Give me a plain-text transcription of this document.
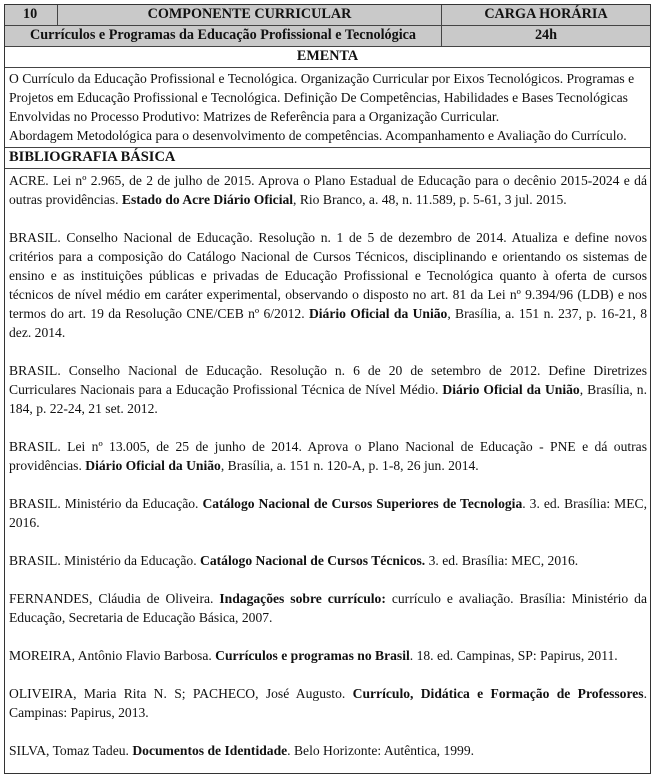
10	COMPONENTE CURRICULAR	CARGA HORÁRIA
Currículos e Programas da Educação Profissional e Tecnológica	24h
EMENTA
O Currículo da Educação Profissional e Tecnológica. Organização Curricular por Eixos Tecnológicos. Programas e Projetos em Educação Profissional e Tecnológica. Definição De Competências, Habilidades e Bases Tecnológicas Envolvidas no Processo Produtivo: Matrizes de Referência para a Organização Curricular.
Abordagem Metodológica para o desenvolvimento de competências. Acompanhamento e Avaliação do Currículo.
BIBLIOGRAFIA BÁSICA
ACRE. Lei nº 2.965, de 2 de julho de 2015. Aprova o Plano Estadual de Educação para o decênio 2015-2024 e dá outras providências. Estado do Acre Diário Oficial, Rio Branco, a. 48, n. 11.589, p. 5-61, 3 jul. 2015.
BRASIL. Conselho Nacional de Educação. Resolução n. 1 de 5 de dezembro de 2014. Atualiza e define novos critérios para a composição do Catálogo Nacional de Cursos Técnicos, disciplinando e orientando os sistemas de ensino e as instituições públicas e privadas de Educação Profissional e Tecnológica quanto à oferta de cursos técnicos de nível médio em caráter experimental, observando o disposto no art. 81 da Lei nº 9.394/96 (LDB) e nos termos do art. 19 da Resolução CNE/CEB nº 6/2012. Diário Oficial da União, Brasília, a. 151 n. 237, p. 16-21, 8 dez. 2014.
BRASIL. Conselho Nacional de Educação. Resolução n. 6 de 20 de setembro de 2012. Define Diretrizes Curriculares Nacionais para a Educação Profissional Técnica de Nível Médio. Diário Oficial da União, Brasília, n. 184, p. 22-24, 21 set. 2012.
BRASIL. Lei nº 13.005, de 25 de junho de 2014. Aprova o Plano Nacional de Educação - PNE e dá outras providências. Diário Oficial da União, Brasília, a. 151 n. 120-A, p. 1-8, 26 jun. 2014.
BRASIL. Ministério da Educação. Catálogo Nacional de Cursos Superiores de Tecnologia. 3. ed. Brasília: MEC, 2016.
BRASIL. Ministério da Educação. Catálogo Nacional de Cursos Técnicos. 3. ed. Brasília: MEC, 2016.
FERNANDES, Cláudia de Oliveira. Indagações sobre currículo: currículo e avaliação. Brasília: Ministério da Educação, Secretaria de Educação Básica, 2007.
MOREIRA, Antônio Flavio Barbosa. Currículos e programas no Brasil. 18. ed. Campinas, SP: Papirus, 2011.
OLIVEIRA, Maria Rita N. S; PACHECO, José Augusto. Currículo, Didática e Formação de Professores. Campinas: Papirus, 2013.
SILVA, Tomaz Tadeu. Documentos de Identidade. Belo Horizonte: Autêntica, 1999.
